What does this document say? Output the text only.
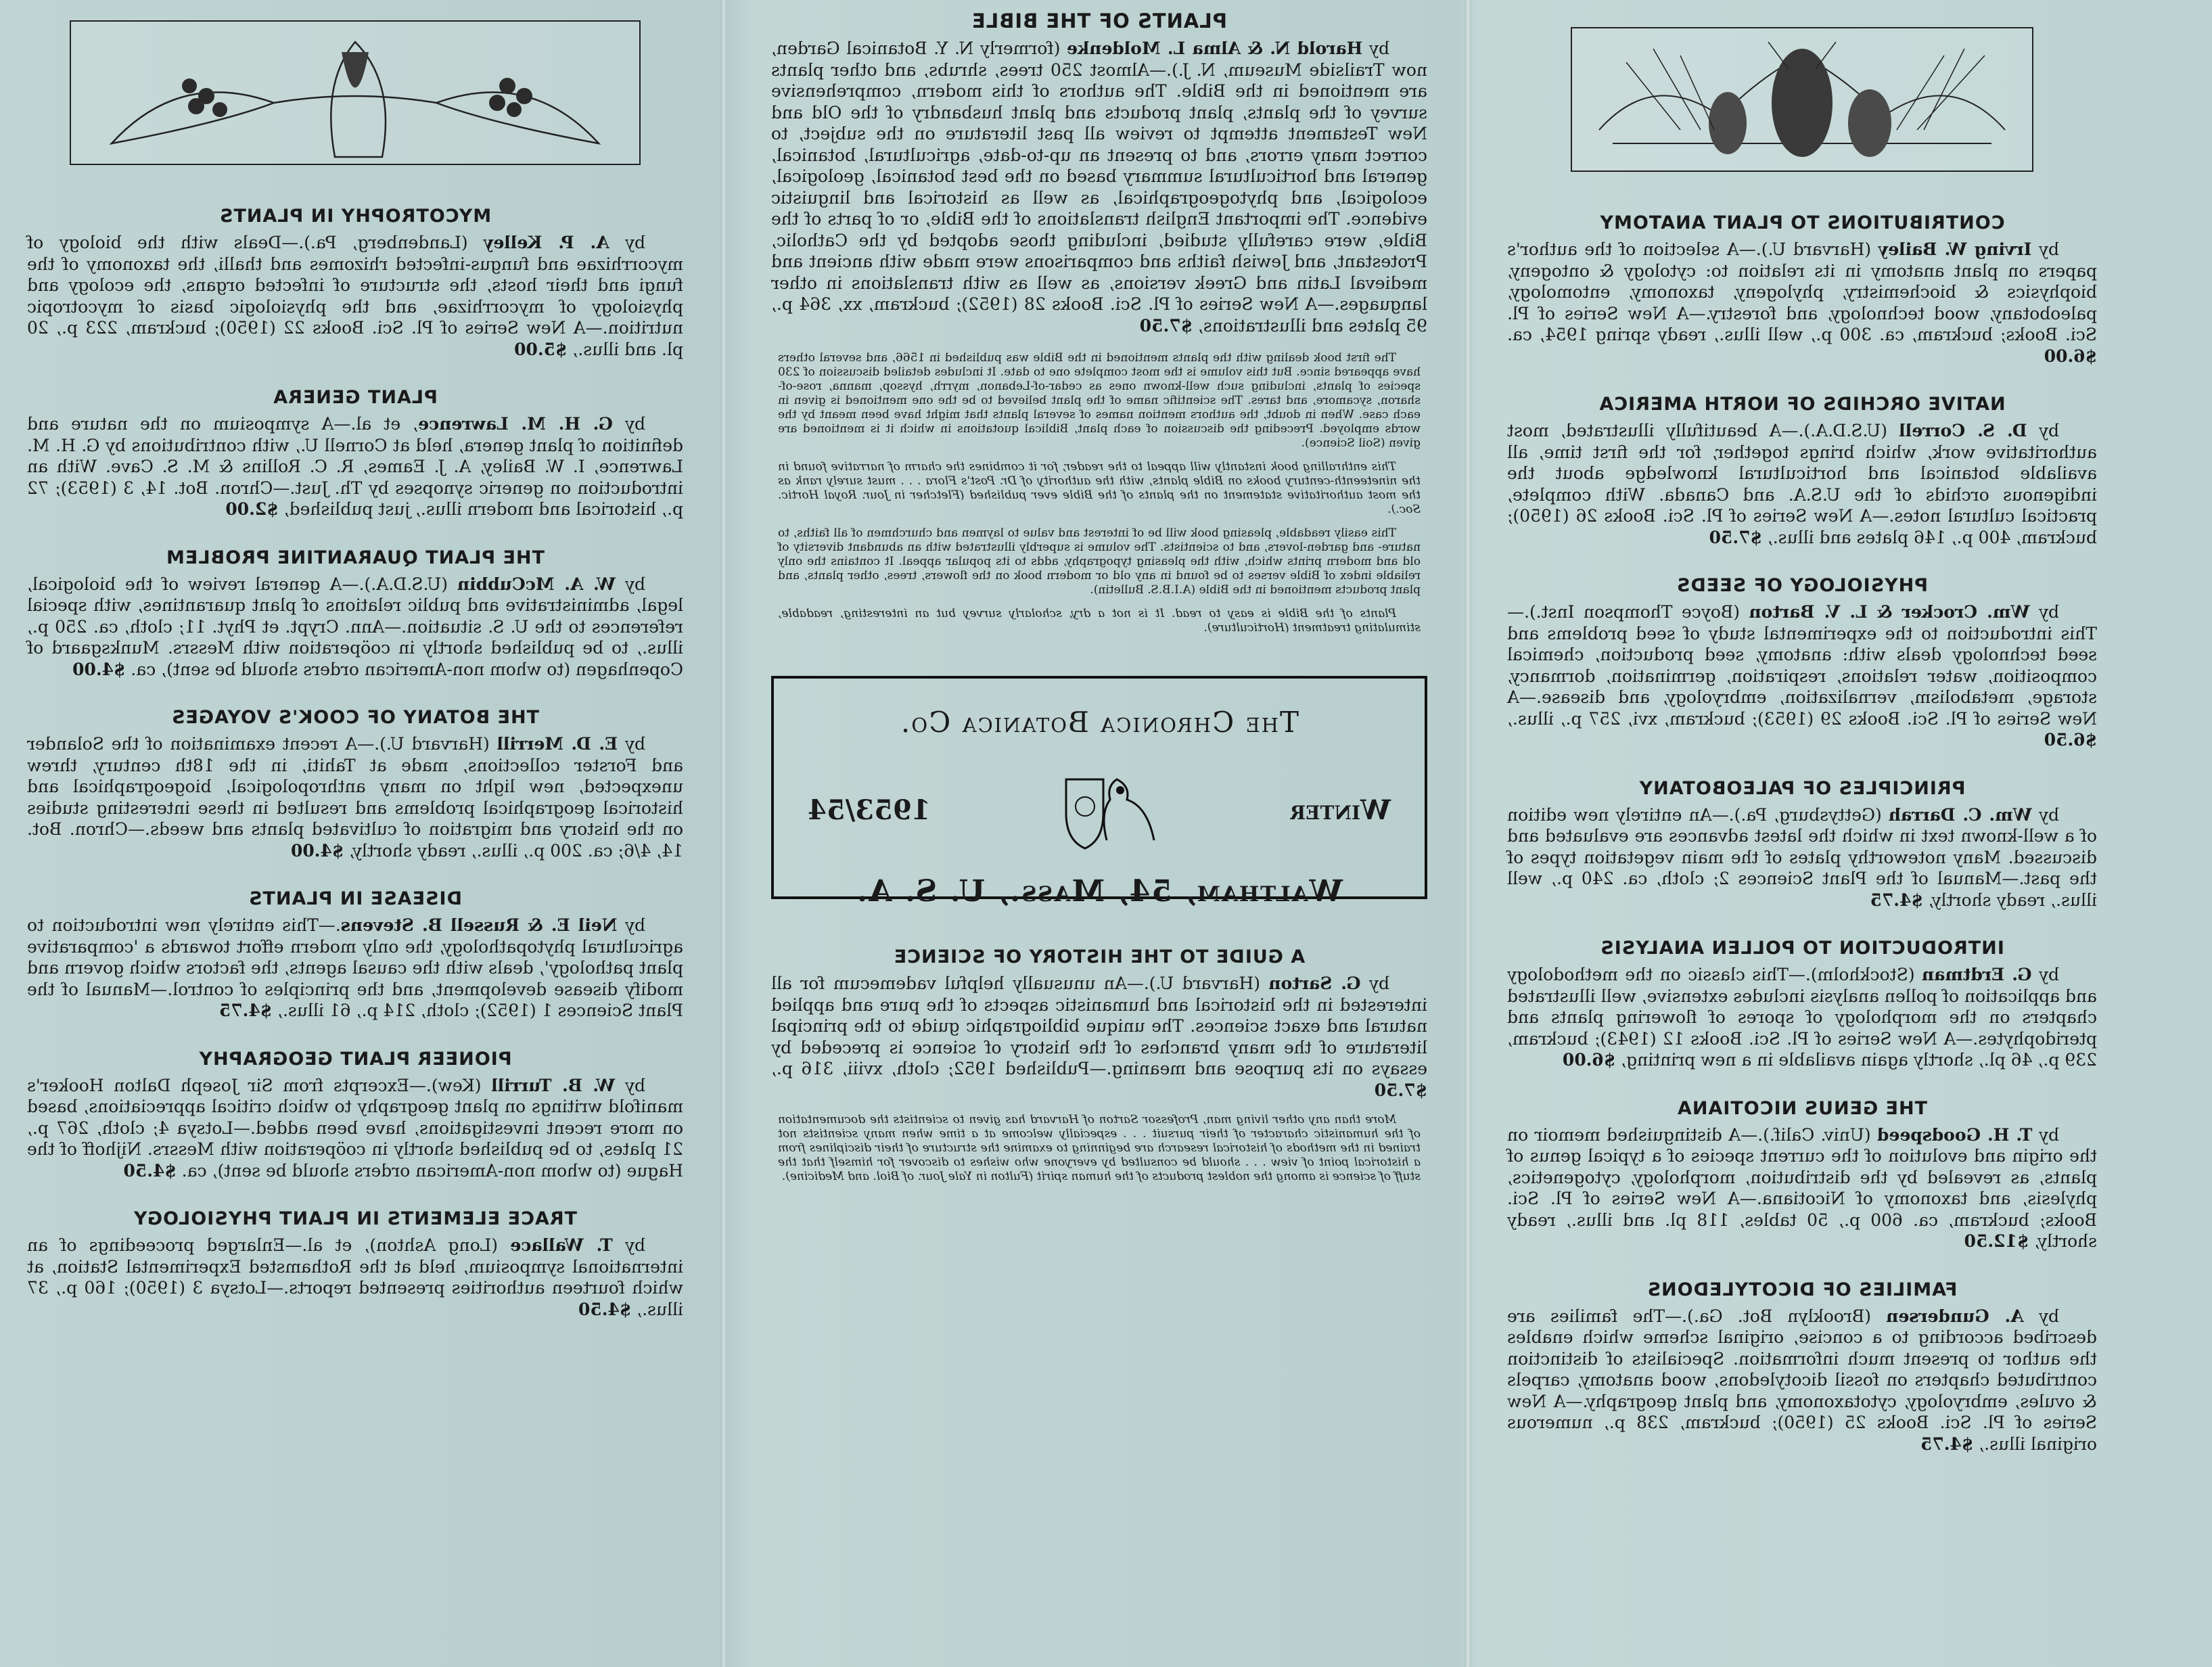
CONTRIBUTIONS TO PLANT ANATOMY

by Irving W. Bailey (Harvard U.).—A selection of the author's papers on plant anatomy in its relation to: cytology & ontogeny, biophysics & biochemistry, phylogeny, taxonomy, entomology, paleobotany, wood technology, and forestry.—A New Series of Pl. Sci. Books; buckram, ca. 300 p., well illus., ready spring 1954, ca. $6.00

NATIVE ORCHIDS OF NORTH AMERICA

by D. S. Correll (U.S.D.A.).—A beautifully illustrated, most authoritative work, which brings together, for the first time, all available botanical and horticultural knowledge about the indigenous orchids of the U.S.A. and Canada. With complete, practical cultural notes.—A New Series of Pl. Sci. Books 26 (1950); buckram, 400 p., 146 plates and illus., $7.50

PHYSIOLOGY OF SEEDS

by Wm. Crocker & L. V. Barton (Boyce Thompson Inst.).—This introduction to the experimental study of seed problems and seed technology deals with: anatomy, seed production, chemical composition, water relations, respiration, germination, dormancy, storage, metabolism, vernalization, embryology, and disease.—A New Series of Pl. Sci. Books 29 (1953); buckram, xvi, 257 p., illus., $6.50

PRINCIPLES OF PALEOBOTANY

by Wm. C. Darrah (Gettysburg, Pa.).—An entirely new edition of a well-known text in which the latest advances are evaluated and discussed. Many noteworthy plates of the main vegetation types of the past.—Manual of the Plant Sciences 2; cloth, ca. 240 p., well illus., ready shortly, $4.75

INTRODUCTION TO POLLEN ANALYSIS

by G. Erdtman (Stockholm).—This classic on the methodology and application of pollen analysis includes extensive, well illustrated chapters on the morphology of spores of flowering plants and pteridophytes.—A New Series of Pl. Sci. Books 12 (1943); buckram, 239 p., 46 pl., shortly again available in a new printing, $6.00

THE GENUS NICOTIANA

by T. H. Goodspeed (Univ. Calif.).—A distinguished memoir on the origin and evolution of the current species of a typical genus of plants, as revealed by the distribution, morphology, cytogenetics, phylesis, and taxonomy of Nicotiana.—A New Series of Pl. Sci. Books; buckram, ca. 600 p., 50 tables, 118 pl. and illus., ready shortly, $12.50

FAMILIES OF DICOTYLEDONS

by A. Gundersen (Brooklyn Bot. Ga.).—The families are described according to a concise, original scheme which enables the author to present much information. Specialists of distinction contributed chapters on fossil dicotyledons, wood anatomy, carpels & ovules, embryology, cytotaxonomy, and plant geography.—A New Series of Pl. Sci. Books 25 (1950); buckram, 238 p., numerous original illus., $4.75

PLANTS OF THE BIBLE

by Harold N. & Alma L. Moldenke (formerly N. Y. Botanical Garden, now Trailside Museum, N. J.).—Almost 250 trees, shrubs, and other plants are mentioned in the Bible. The authors of this modern, comprehensive survey of the plants, plant products and plant husbandry of the Old and New Testament attempt to review all past literature on the subject, to correct many errors, and to present an up-to-date, agricultural, botanical, general and horticultural summary based on the best botanical, geological, ecological, and phytogeographical, as well as historical and linguistic evidence. The important English translations of the Bible, or of parts of the Bible, were carefully studied, including those adopted by the Catholic, Protestant, and Jewish faiths and comparisons were made with ancient and medieval Latin and Greek versions, as well as with translations in other languages.—A New Series of Pl. Sci. Books 28 (1952); buckram, xx, 364 p., 95 plates and illustrations, $7.50

The first book dealing with the plants mentioned in the Bible was published in 1566, and several others have appeared since. But this volume is the most complete one to date. It includes detailed discussion of 230 species of plants, including such well-known ones as cedar-of-Lebanon, myrrh, hyssop, manna, rose-of-sharon, sycamore, and tares. The scientific name of the plant believed to be the one mentioned is given in each case. When in doubt, the authors mention names of several plants that might have been meant by the words employed. Preceding the discussion of each plant, Biblical quotations in which it is mentioned are given (Soil Science).

This enthralling book instantly will appeal to the reader, for it combines the charm of narrative found in the nineteenth-century books on Bible plants, with the authority of Dr. Post's Flora . . . must surely rank as the most authoritative statement on the plants of the Bible ever published (Fletcher in Jour. Royal Hortic. Soc.).

This easily readable, pleasing book will be of interest and value to laymen and churchmen of all faiths, to nature- and garden-lovers, and to scientists. The volume is superbly illustrated with an abundant diversity of old and modern prints which, with the pleasing typography, adds to its popular appeal. It contains the only reliable index of Bible verses to be found in any old or modern book on the flowers, trees, other plants, and plant products mentioned in the Bible (A.I.B.S. Bulletin).

Plants of the Bible is easy to read. It is not a dry, scholarly survey but an interesting, readable, stimulating treatment (Horticulture).

The Chronica Botanica Co.
Winter
1953/54
Waltham, 54, Mass., U. S. A.
A GUIDE TO THE HISTORY OF SCIENCE

by G. Sarton (Harvard U.).—An unusually helpful vademecum for all interested in the historical and humanistic aspects of the pure and applied natural and exact sciences. The unique bibliographic guide to the principal literature of the many branches of the history of science is preceded by essays on its purpose and meaning.—Published 1952; cloth, xviii, 316 p., $7.50

More than any other living man, Professor Sarton of Harvard has given to scientists the documentation of the humanistic character of their pursuit . . . especially welcome at a time when many scientists not trained in the methods of historical research are beginning to examine the structure of their disciplines from a historical point of view . . . should be consulted by everyone who wishes to discover for himself that the stuff of science is among the noblest products of the human spirit (Fulton in Yale Jour. of Biol. and Medicine).

MYCOTROPHY IN PLANTS

by A. P. Kelley (Landenberg, Pa.).—Deals with the biology of mycorrhizae and fungus-infected rhizomes and thalli, the taxonomy of the fungi and their hosts, the structure of infected organs, the ecology and physiology of mycorrhizae, and the physiologic basis of mycotropic nutrition.—A New Series of Pl. Sci. Books 22 (1950); buckram, 223 p., 20 pl. and illus., $5.00

PLANT GENERA

by G. H. M. Lawrence, et al.—A symposium on the nature and definition of plant genera, held at Cornell U., with contributions by G. H. M. Lawrence, I. W. Bailey, A. J. Eames, R. C. Rollins & M. S. Cave. With an introduction on generic synopses by Th. Just.—Chron. Bot. 14, 3 (1953); 72 p., historical and modern illus., just published, $2.00

THE PLANT QUARANTINE PROBLEM

by W. A. McCubbin (U.S.D.A.).—A general review of the biological, legal, administrative and public relations of plant quarantines, with special references to the U. S. situation.—Ann. Crypt. et Phyt. 11; cloth, ca. 250 p., illus., to be published shortly in coöperation with Messrs. Munksgaard of Copenhagen (to whom non-American orders should be sent), ca. $4.00

THE BOTANY OF COOK'S VOYAGES

by E. D. Merrill (Harvard U.).—A recent examination of the Solander and Forster collections, made at Tahiti, in the 18th century, threw unexpected, new light on many anthropological, biogeographical and historical geographical problems and resulted in these interesting studies on the history and migration of cultivated plants and weeds.—Chron. Bot. 14, 4/6; ca. 200 p., illus., ready shortly, $4.00

DISEASE IN PLANTS

by Neil E. & Russell B. Stevens.—This entirely new introduction to agricultural phytopathology, the only modern effort towards a 'comparative plant pathology', deals with the causal agents, the factors which govern and modify disease development, and the principles of control.—Manual of the Plant Sciences 1 (1952); cloth, 214 p., 61 illus., $4.75

PIONEER PLANT GEOGRAPHY

by W. B. Turrill (Kew).—Excerpts from Sir Joseph Dalton Hooker's manifold writings on plant geography to which critical appreciations, based on more recent investigations, have been added.—Lotsya 4; cloth, 267 p., 21 plates, to be published shortly in coöperation with Messrs. Nijhoff of the Hague (to whom non-American orders should be sent), ca. $4.50

TRACE ELEMENTS IN PLANT PHYSIOLOGY

by T. Wallace (Long Ashton), et al.—Enlarged proceedings of an international symposium, held at the Rothamsted Experimental Station, at which fourteen authorities presented reports.—Lotsya 3 (1950); 160 p., 37 illus., $4.50
